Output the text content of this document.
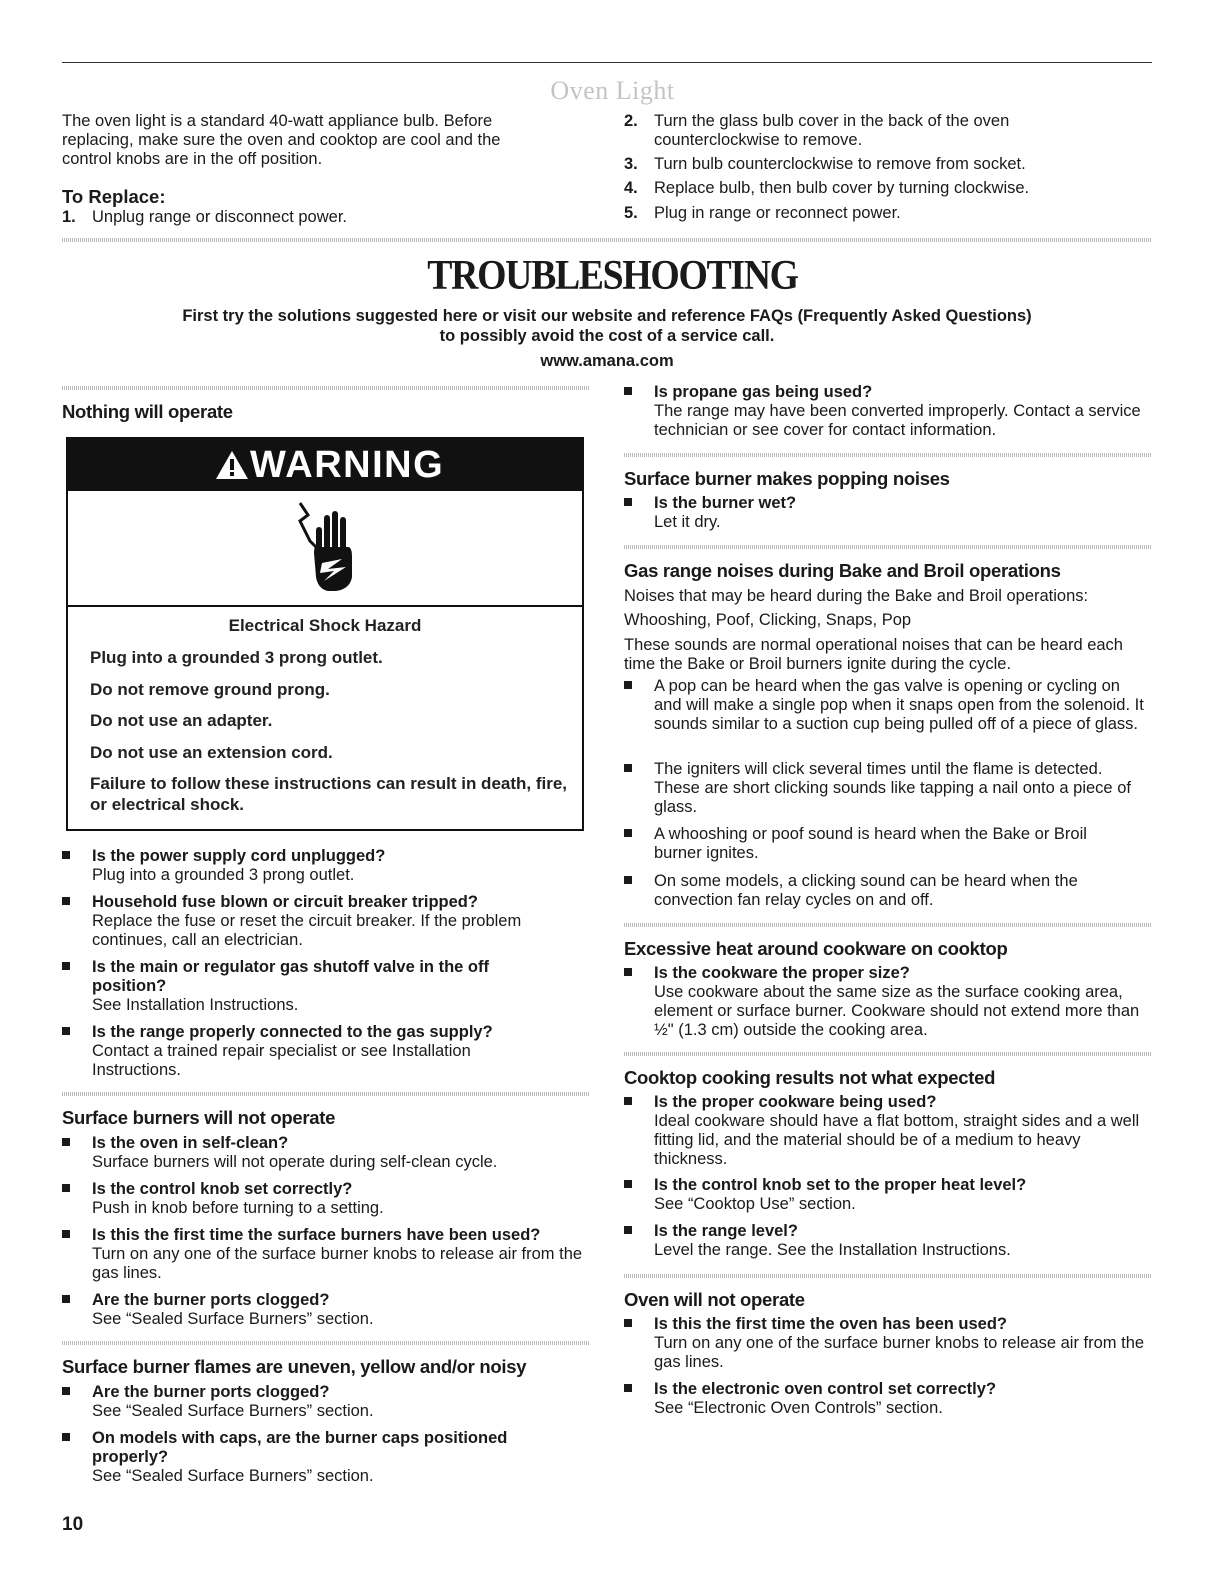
Oven Light
The oven light is a standard 40-watt appliance bulb. Before replacing, make sure the oven and cooktop are cool and the control knobs are in the off position.
To Replace:
1. Unplug range or disconnect power.
2. Turn the glass bulb cover in the back of the oven counterclockwise to remove.
3. Turn bulb counterclockwise to remove from socket.
4. Replace bulb, then bulb cover by turning clockwise.
5. Plug in range or reconnect power.
TROUBLESHOOTING
First try the solutions suggested here or visit our website and reference FAQs (Frequently Asked Questions)
to possibly avoid the cost of a service call.
www.amana.com
Nothing will operate
WARNING
Electrical Shock Hazard
Plug into a grounded 3 prong outlet.
Do not remove ground prong.
Do not use an adapter.
Do not use an extension cord.
Failure to follow these instructions can result in death, fire, or electrical shock.
Is the power supply cord unplugged?
Plug into a grounded 3 prong outlet.
Household fuse blown or circuit breaker tripped?
Replace the fuse or reset the circuit breaker. If the problem continues, call an electrician.
Is the main or regulator gas shutoff valve in the off position?
See Installation Instructions.
Is the range properly connected to the gas supply?
Contact a trained repair specialist or see Installation Instructions.
Surface burners will not operate
Is the oven in self-clean?
Surface burners will not operate during self-clean cycle.
Is the control knob set correctly?
Push in knob before turning to a setting.
Is this the first time the surface burners have been used?
Turn on any one of the surface burner knobs to release air from the gas lines.
Are the burner ports clogged?
See “Sealed Surface Burners” section.
Surface burner flames are uneven, yellow and/or noisy
Are the burner ports clogged?
See “Sealed Surface Burners” section.
On models with caps, are the burner caps positioned properly?
See “Sealed Surface Burners” section.
10
Is propane gas being used?
The range may have been converted improperly. Contact a service technician or see cover for contact information.
Surface burner makes popping noises
Is the burner wet?
Let it dry.
Gas range noises during Bake and Broil operations
Noises that may be heard during the Bake and Broil operations:
Whooshing, Poof, Clicking, Snaps, Pop
These sounds are normal operational noises that can be heard each time the Bake or Broil burners ignite during the cycle.
A pop can be heard when the gas valve is opening or cycling on and will make a single pop when it snaps open from the solenoid. It sounds similar to a suction cup being pulled off of a piece of glass.
The igniters will click several times until the flame is detected. These are short clicking sounds like tapping a nail onto a piece of glass.
A whooshing or poof sound is heard when the Bake or Broil burner ignites.
On some models, a clicking sound can be heard when the convection fan relay cycles on and off.
Excessive heat around cookware on cooktop
Is the cookware the proper size?
Use cookware about the same size as the surface cooking area, element or surface burner. Cookware should not extend more than ½" (1.3 cm) outside the cooking area.
Cooktop cooking results not what expected
Is the proper cookware being used?
Ideal cookware should have a flat bottom, straight sides and a well fitting lid, and the material should be of a medium to heavy thickness.
Is the control knob set to the proper heat level?
See “Cooktop Use” section.
Is the range level?
Level the range. See the Installation Instructions.
Oven will not operate
Is this the first time the oven has been used?
Turn on any one of the surface burner knobs to release air from the gas lines.
Is the electronic oven control set correctly?
See “Electronic Oven Controls” section.
